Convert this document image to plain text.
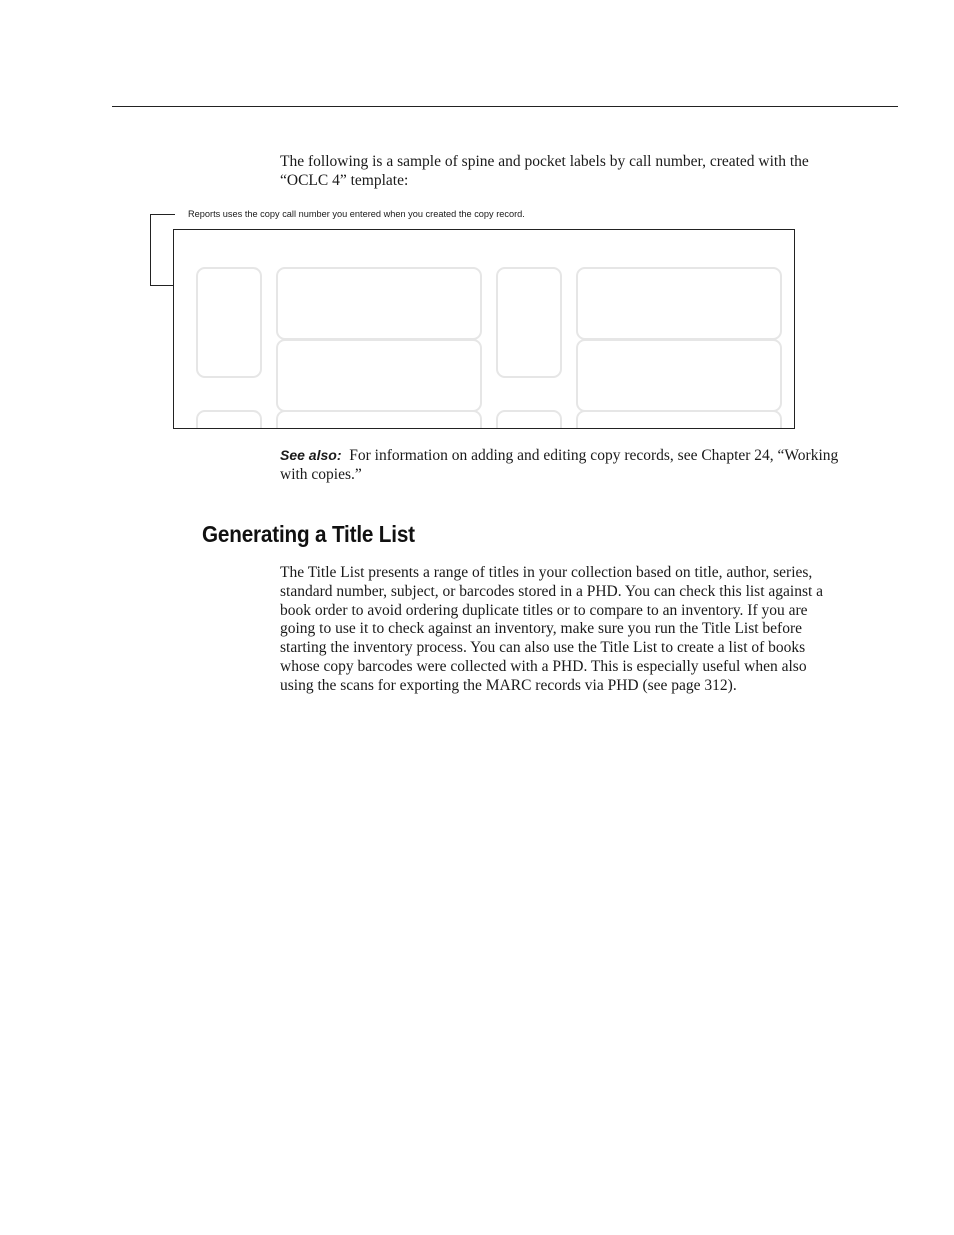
The following is a sample of spine and pocket labels by call number, created with the “OCLC 4” template:

Reports uses the copy call number you entered when you created the copy record.

See also: For information on adding and editing copy records, see Chapter 24, “Working with copies.”

Generating a Title List

The Title List presents a range of titles in your collection based on title, author, series, standard number, subject, or barcodes stored in a PHD. You can check this list against a book order to avoid ordering duplicate titles or to compare to an inventory. If you are going to use it to check against an inventory, make sure you run the Title List before starting the inventory process. You can also use the Title List to create a list of books whose copy barcodes were collected with a PHD. This is especially useful when also using the scans for exporting the MARC records via PHD (see page 312).
